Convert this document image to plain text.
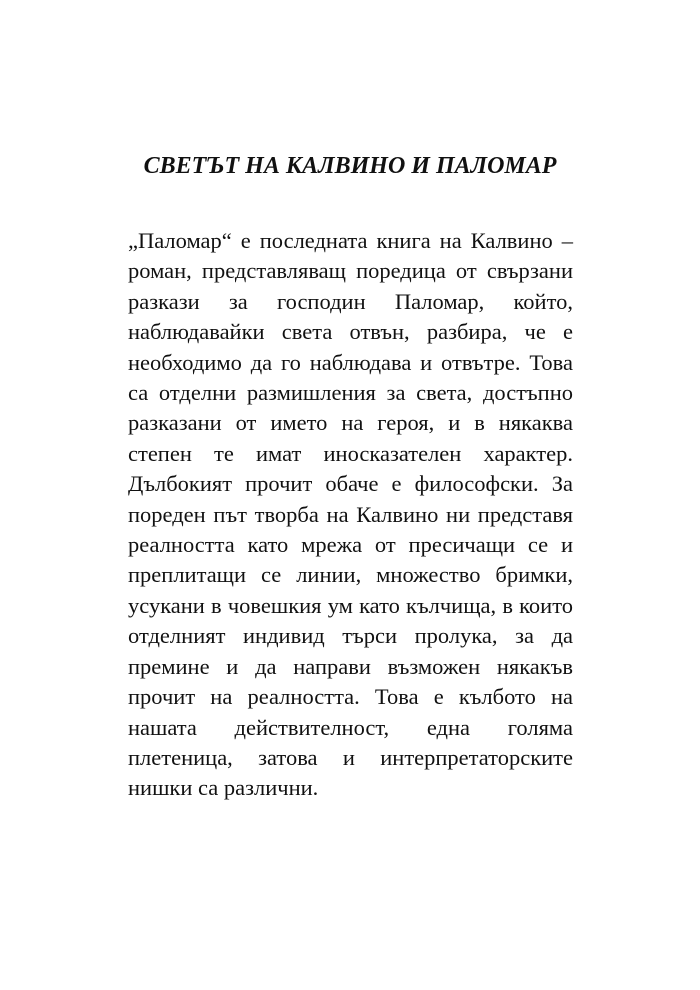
СВЕТЪТ НА КАЛВИНО И ПАЛОМАР

„Паломар“ е последната книга на Калвино – роман, представляващ поредица от свързани разкази за господин Паломар, който, наблюдавайки света отвън, разбира, че е необходимо да го наблюдава и отвътре. Това са отделни размишления за света, достъпно разказани от името на героя, и в някаква степен те имат иносказателен характер. Дълбокият прочит обаче е философски. За пореден път творба на Калвино ни представя реалността като мрежа от пресичащи се и преплитащи се линии, множество бримки, усукани в човешкия ум като кълчища, в които отделният индивид търси пролука, за да премине и да направи възможен някакъв прочит на реалността. Това е кълбото на нашата действителност, една голяма плетеница, затова и интерпретаторските нишки са различни.
